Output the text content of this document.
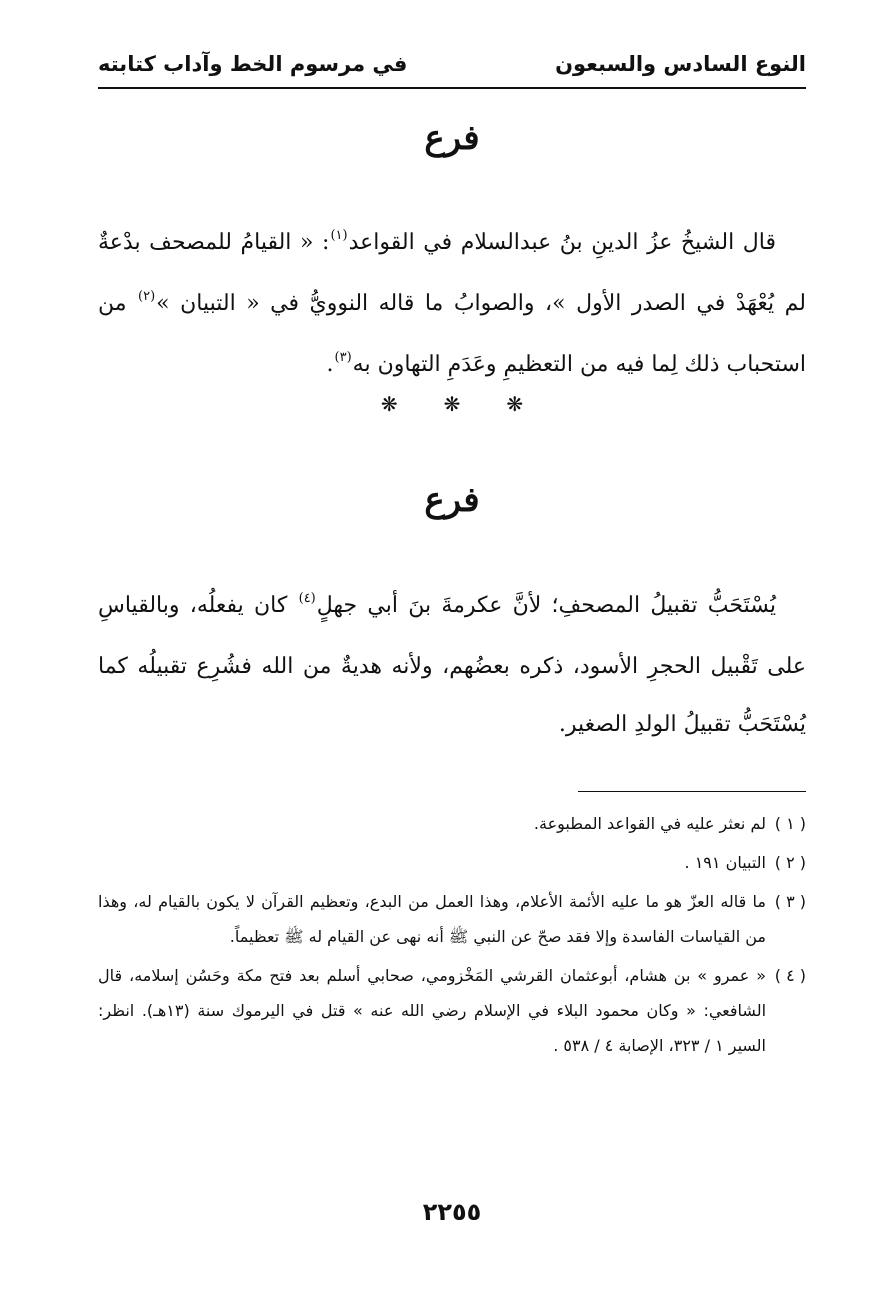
النوع السادس والسبعون
في مرسوم الخط وآداب كتابته
فرع

قال الشيخُ عزُ الدينِ بنُ عبدالسلام في القواعد$^{(١)}$: « القيامُ للمصحف بدْعةٌ لم يُعْهَدْ في الصدر الأول »، والصوابُ ما قاله النوويُّ في « التبيان »$^{(٢)}$ من استحباب ذلك لِما فيه من التعظيمِ وعَدَمِ التهاون به$^{(٣)}$.

❋ ❋ ❋
فرع

يُسْتَحَبُّ تقبيلُ المصحفِ؛ لأنَّ عكرمةَ بنَ أبي جهلٍ$^{(٤)}$ كان يفعلُه، وبالقياسِ على تَقْبيل الحجرِ الأسود، ذكره بعضُهم، ولأنه هديةٌ من الله فشُرِع تقبيلُه كما يُسْتَحَبُّ تقبيلُ الولدِ الصغير.

( ١ )لم نعثر عليه في القواعد المطبوعة.
( ٢ )التبيان ١٩١ .
( ٣ )ما قاله العزّ هو ما عليه الأئمة الأعلام، وهذا العمل من البدع، وتعظيم القرآن لا يكون بالقيام له، وهذا من القياسات الفاسدة وإلا فقد صحّ عن النبي ﷺ أنه نهى عن القيام له ﷺ تعظيماً.
( ٤ )« عمرو » بن هشام، أبوعثمان القرشي المَخْزومي، صحابي أسلم بعد فتح مكة وحَسُن إسلامه، قال الشافعي: « وكان محمود البلاء في الإسلام رضي الله عنه » قتل في اليرموك سنة (١٣هـ). انظر: السير ١ / ٣٢٣، الإصابة ٤ / ٥٣٨ .
٢٢٥٥
